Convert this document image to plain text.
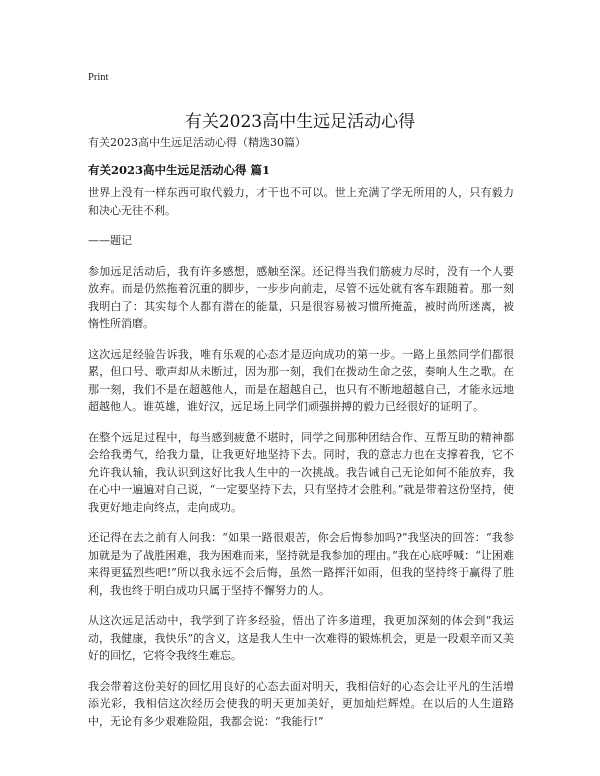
Print
有关2023高中生远足活动心得
有关2023高中生远足活动心得（精选30篇）
有关2023高中生远足活动心得 篇1

世界上没有一样东西可取代毅力，才干也不可以。世上充满了学无所用的人，只有毅力和决心无往不利。

——题记

参加远足活动后，我有许多感想，感触至深。还记得当我们筋疲力尽时，没有一个人要放弃。而是仍然拖着沉重的脚步，一步步向前走，尽管不远处就有客车跟随着。那一刻我明白了：其实每个人都有潜在的能量，只是很容易被习惯所掩盖，被时尚所迷离，被惰性所消磨。

这次远足经验告诉我，唯有乐观的心态才是迈向成功的第一步。一路上虽然同学们都很累，但口号、歌声却从未断过，因为那一刻，我们在拨动生命之弦，奏响人生之歌。在那一刻，我们不是在超越他人，而是在超越自己，也只有不断地超越自己，才能永远地超越他人。谁英雄，谁好汉，远足场上同学们顽强拼搏的毅力已经很好的证明了。

在整个远足过程中，每当感到疲惫不堪时，同学之间那种团结合作、互帮互助的精神都会给我勇气，给我力量，让我更好地坚持下去。同时，我的意志力也在支撑着我，它不允许我认输，我认识到这好比我人生中的一次挑战。我告诫自己无论如何不能放弃，我在心中一遍遍对自己说，“一定要坚持下去，只有坚持才会胜利。”就是带着这份坚持，使我更好地走向终点，走向成功。

还记得在去之前有人问我：“如果一路很艰苦，你会后悔参加吗?”我坚决的回答：“我参加就是为了战胜困难，我为困难而来，坚持就是我参加的理由。”我在心底呼喊：“让困难来得更猛烈些吧!”所以我永远不会后悔，虽然一路挥汗如雨，但我的坚持终于赢得了胜利，我也终于明白成功只属于坚持不懈努力的人。

从这次远足活动中，我学到了许多经验，悟出了许多道理，我更加深刻的体会到“我运动，我健康，我快乐”的含义，这是我人生中一次难得的锻炼机会，更是一段艰辛而又美好的回忆，它将令我终生难忘。

我会带着这份美好的回忆用良好的心态去面对明天，我相信好的心态会让平凡的生活增添光彩，我相信这次经历会使我的明天更加美好，更加灿烂辉煌。在以后的人生道路中，无论有多少艰难险阻，我都会说：“我能行!”
